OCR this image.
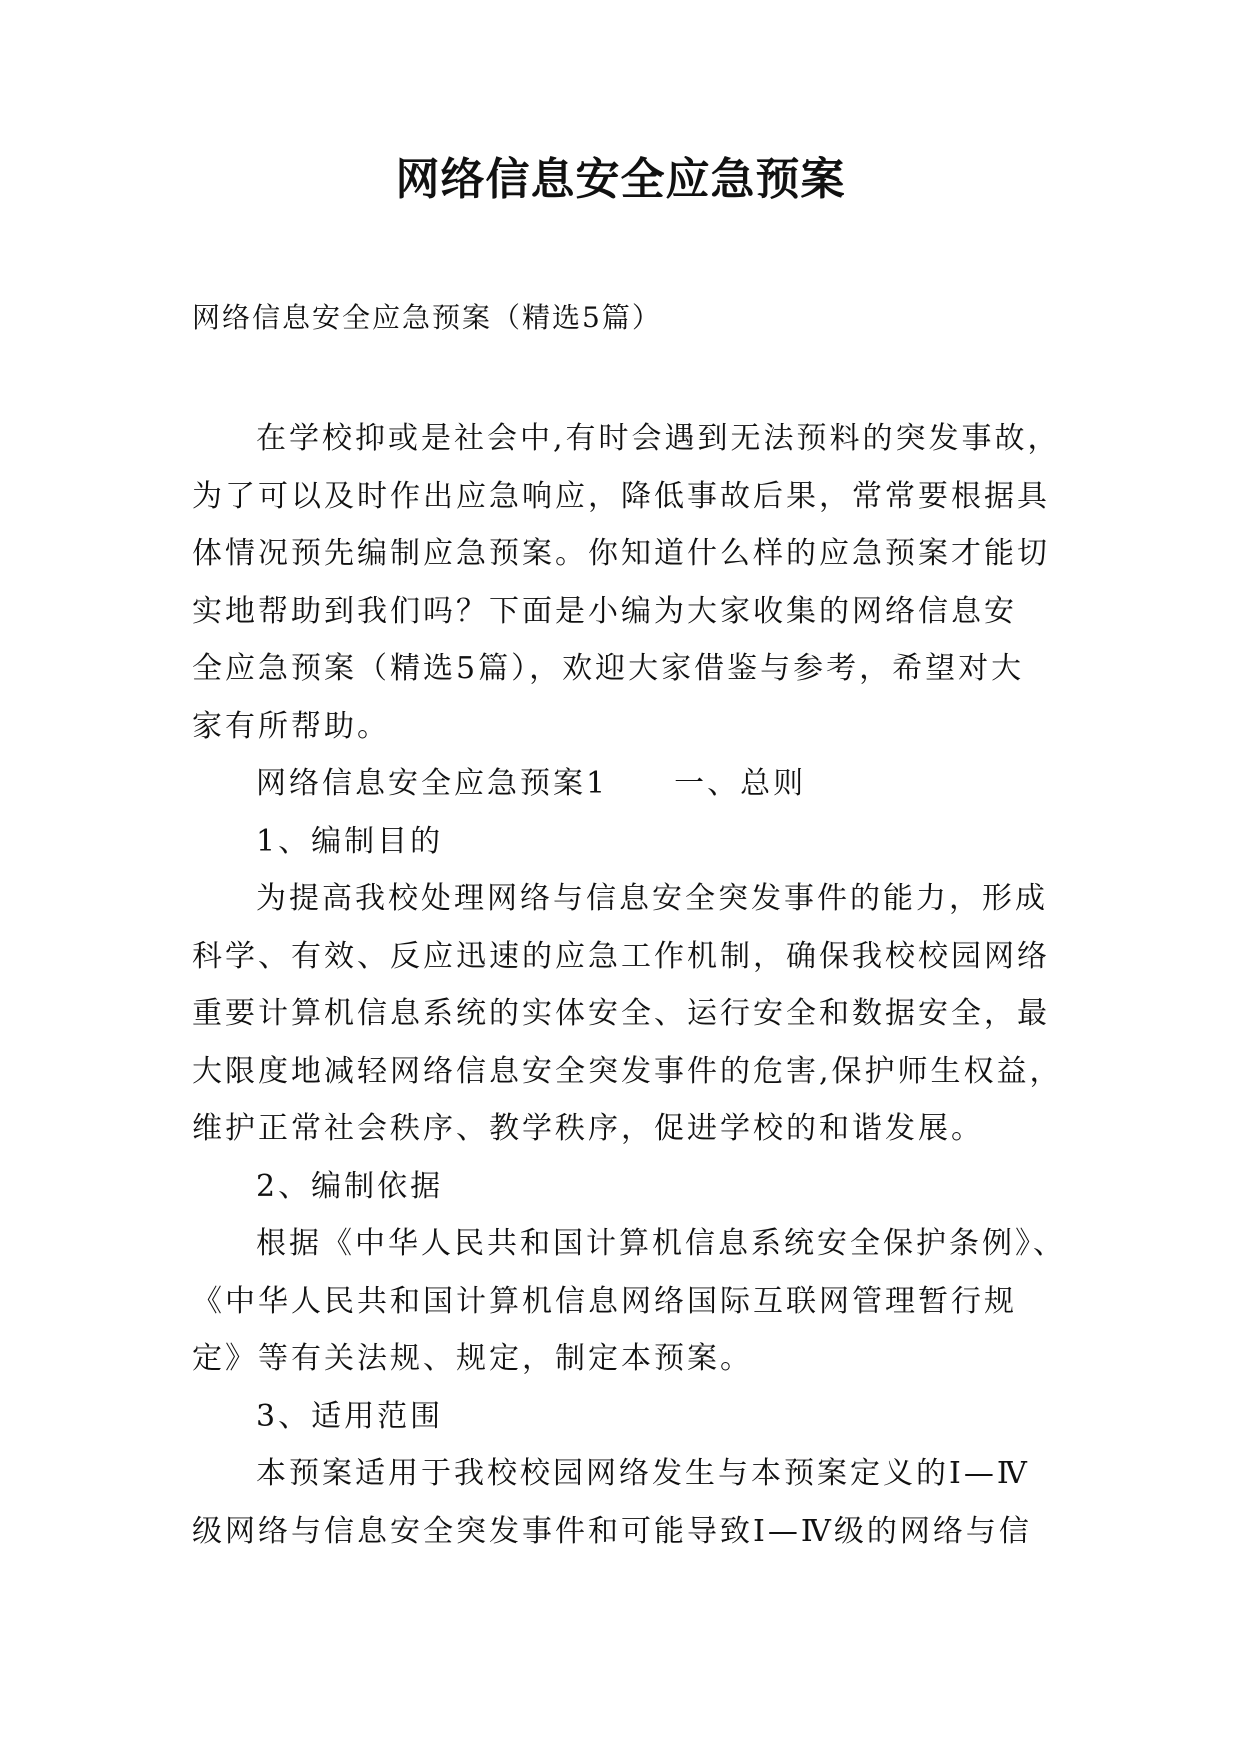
网络信息安全应急预案
网络信息安全应急预案（精选5篇）
在学校抑或是社会中,有时会遇到无法预料的突发事故，
为了可以及时作出应急响应，降低事故后果，常常要根据具
体情况预先编制应急预案。你知道什么样的应急预案才能切
实地帮助到我们吗？下面是小编为大家收集的网络信息安
全应急预案（精选5篇），欢迎大家借鉴与参考，希望对大
家有所帮助。
网络信息安全应急预案1　　一、总则
1、编制目的
为提高我校处理网络与信息安全突发事件的能力，形成
科学、有效、反应迅速的应急工作机制，确保我校校园网络
重要计算机信息系统的实体安全、运行安全和数据安全，最
大限度地减轻网络信息安全突发事件的危害,保护师生权益，
维护正常社会秩序、教学秩序，促进学校的和谐发展。
2、编制依据
根据《中华人民共和国计算机信息系统安全保护条例》、
《中华人民共和国计算机信息网络国际互联网管理暂行规
定》等有关法规、规定，制定本预案。
3、适用范围
本预案适用于我校校园网络发生与本预案定义的Ⅰ—Ⅳ
级网络与信息安全突发事件和可能导致Ⅰ—Ⅳ级的网络与信
